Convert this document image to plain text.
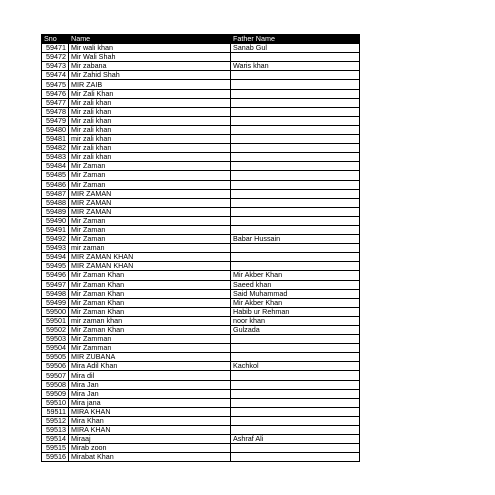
Sno	Name	Father Name
59471	Mir wali khan	Sanab Gul
59472	Mir Wali Shah	
59473	Mir zabana	Waris khan
59474	Mir Zahid Shah	
59475	MIR ZAIB	
59476	Mir Zali Khan	
59477	Mir zali khan	
59478	Mir zali khan	
59479	Mir zali khan	
59480	Mir zali khan	
59481	mir zali khan	
59482	Mir zali khan	
59483	Mir zali khan	
59484	Mir Zaman	
59485	Mir Zaman	
59486	Mir Zaman	
59487	MIR ZAMAN	
59488	MIR ZAMAN	
59489	MIR ZAMAN	
59490	Mir Zaman	
59491	Mir Zaman	
59492	Mir Zaman	Babar Hussain
59493	mir zaman	
59494	MIR ZAMAN KHAN	
59495	MIR ZAMAN KHAN	
59496	Mir Zaman Khan	Mir Akber Khan
59497	Mir Zaman Khan	Saeed khan
59498	Mir Zaman Khan	Said Muhammad
59499	Mir Zaman Khan	Mir Akber Khan
59500	Mir Zaman Khan	Habib ur Rehman
59501	mir zaman khan	noor khan
59502	Mir Zaman Khan	Gulzada
59503	Mir Zamman	
59504	Mir Zamman	
59505	MIR ZUBANA	
59506	Mira Adil Khan	Kachkol
59507	Mira dil	
59508	Mira Jan	
59509	Mira Jan	
59510	Mira jana	
59511	MIRA KHAN	
59512	Mira Khan	
59513	MIRA KHAN	
59514	Miraaj	Ashraf Ali
59515	Mirab zoon	
59516	Mirabat Khan	
